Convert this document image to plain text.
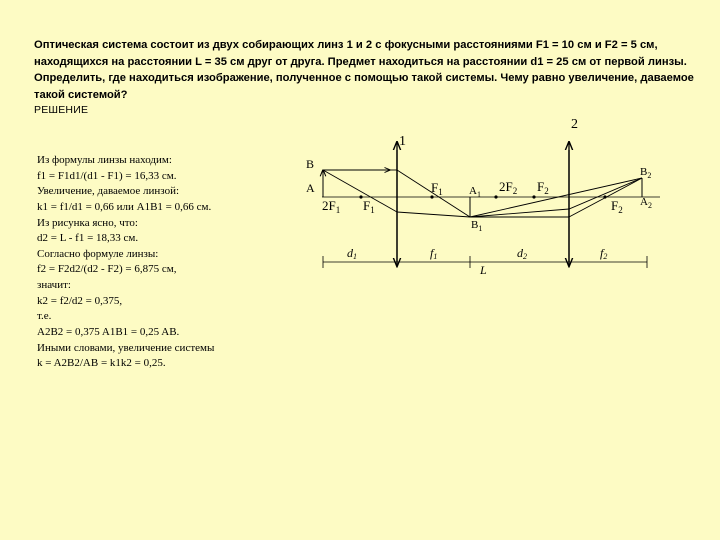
Оптическая система состоит из двух собирающих линз 1 и 2 с фокусными расстояниями F1 = 10 см и F2 = 5 см,
находящихся на расстоянии L = 35 см друг от друга. Предмет находиться на расстоянии d1 = 25 см от первой линзы.
Определить, где находиться изображение, полученное с помощью такой системы. Чему равно увеличение, даваемое
такой системой?
РЕШЕНИЕ
Из формулы линзы находим:
f1 = F1d1/(d1 - F1) = 16,33 см.
Увеличение, даваемое линзой:
k1 = f1/d1 = 0,66 или A1B1 = 0,66 см.
Из рисунка ясно, что:
d2 = L - f1 = 18,33 см.
Согласно формуле линзы:
f2 = F2d2/(d2 - F2) = 6,875 см,
значит:
k2 = f2/d2 = 0,375,
т.е.
A2B2 = 0,375 A1B1 = 0,25 AB.
Иными словами, увеличение системы
k = A2B2/AB = k1k2 = 0,25.
1
2
B
A
$2F_1$ $F_1$
$F_1$ $A_1$
$2F_2$ $F_2$
$B_1$
$B_2$
$A_2$
$F_2$
d1	f1	d2	f2
L
